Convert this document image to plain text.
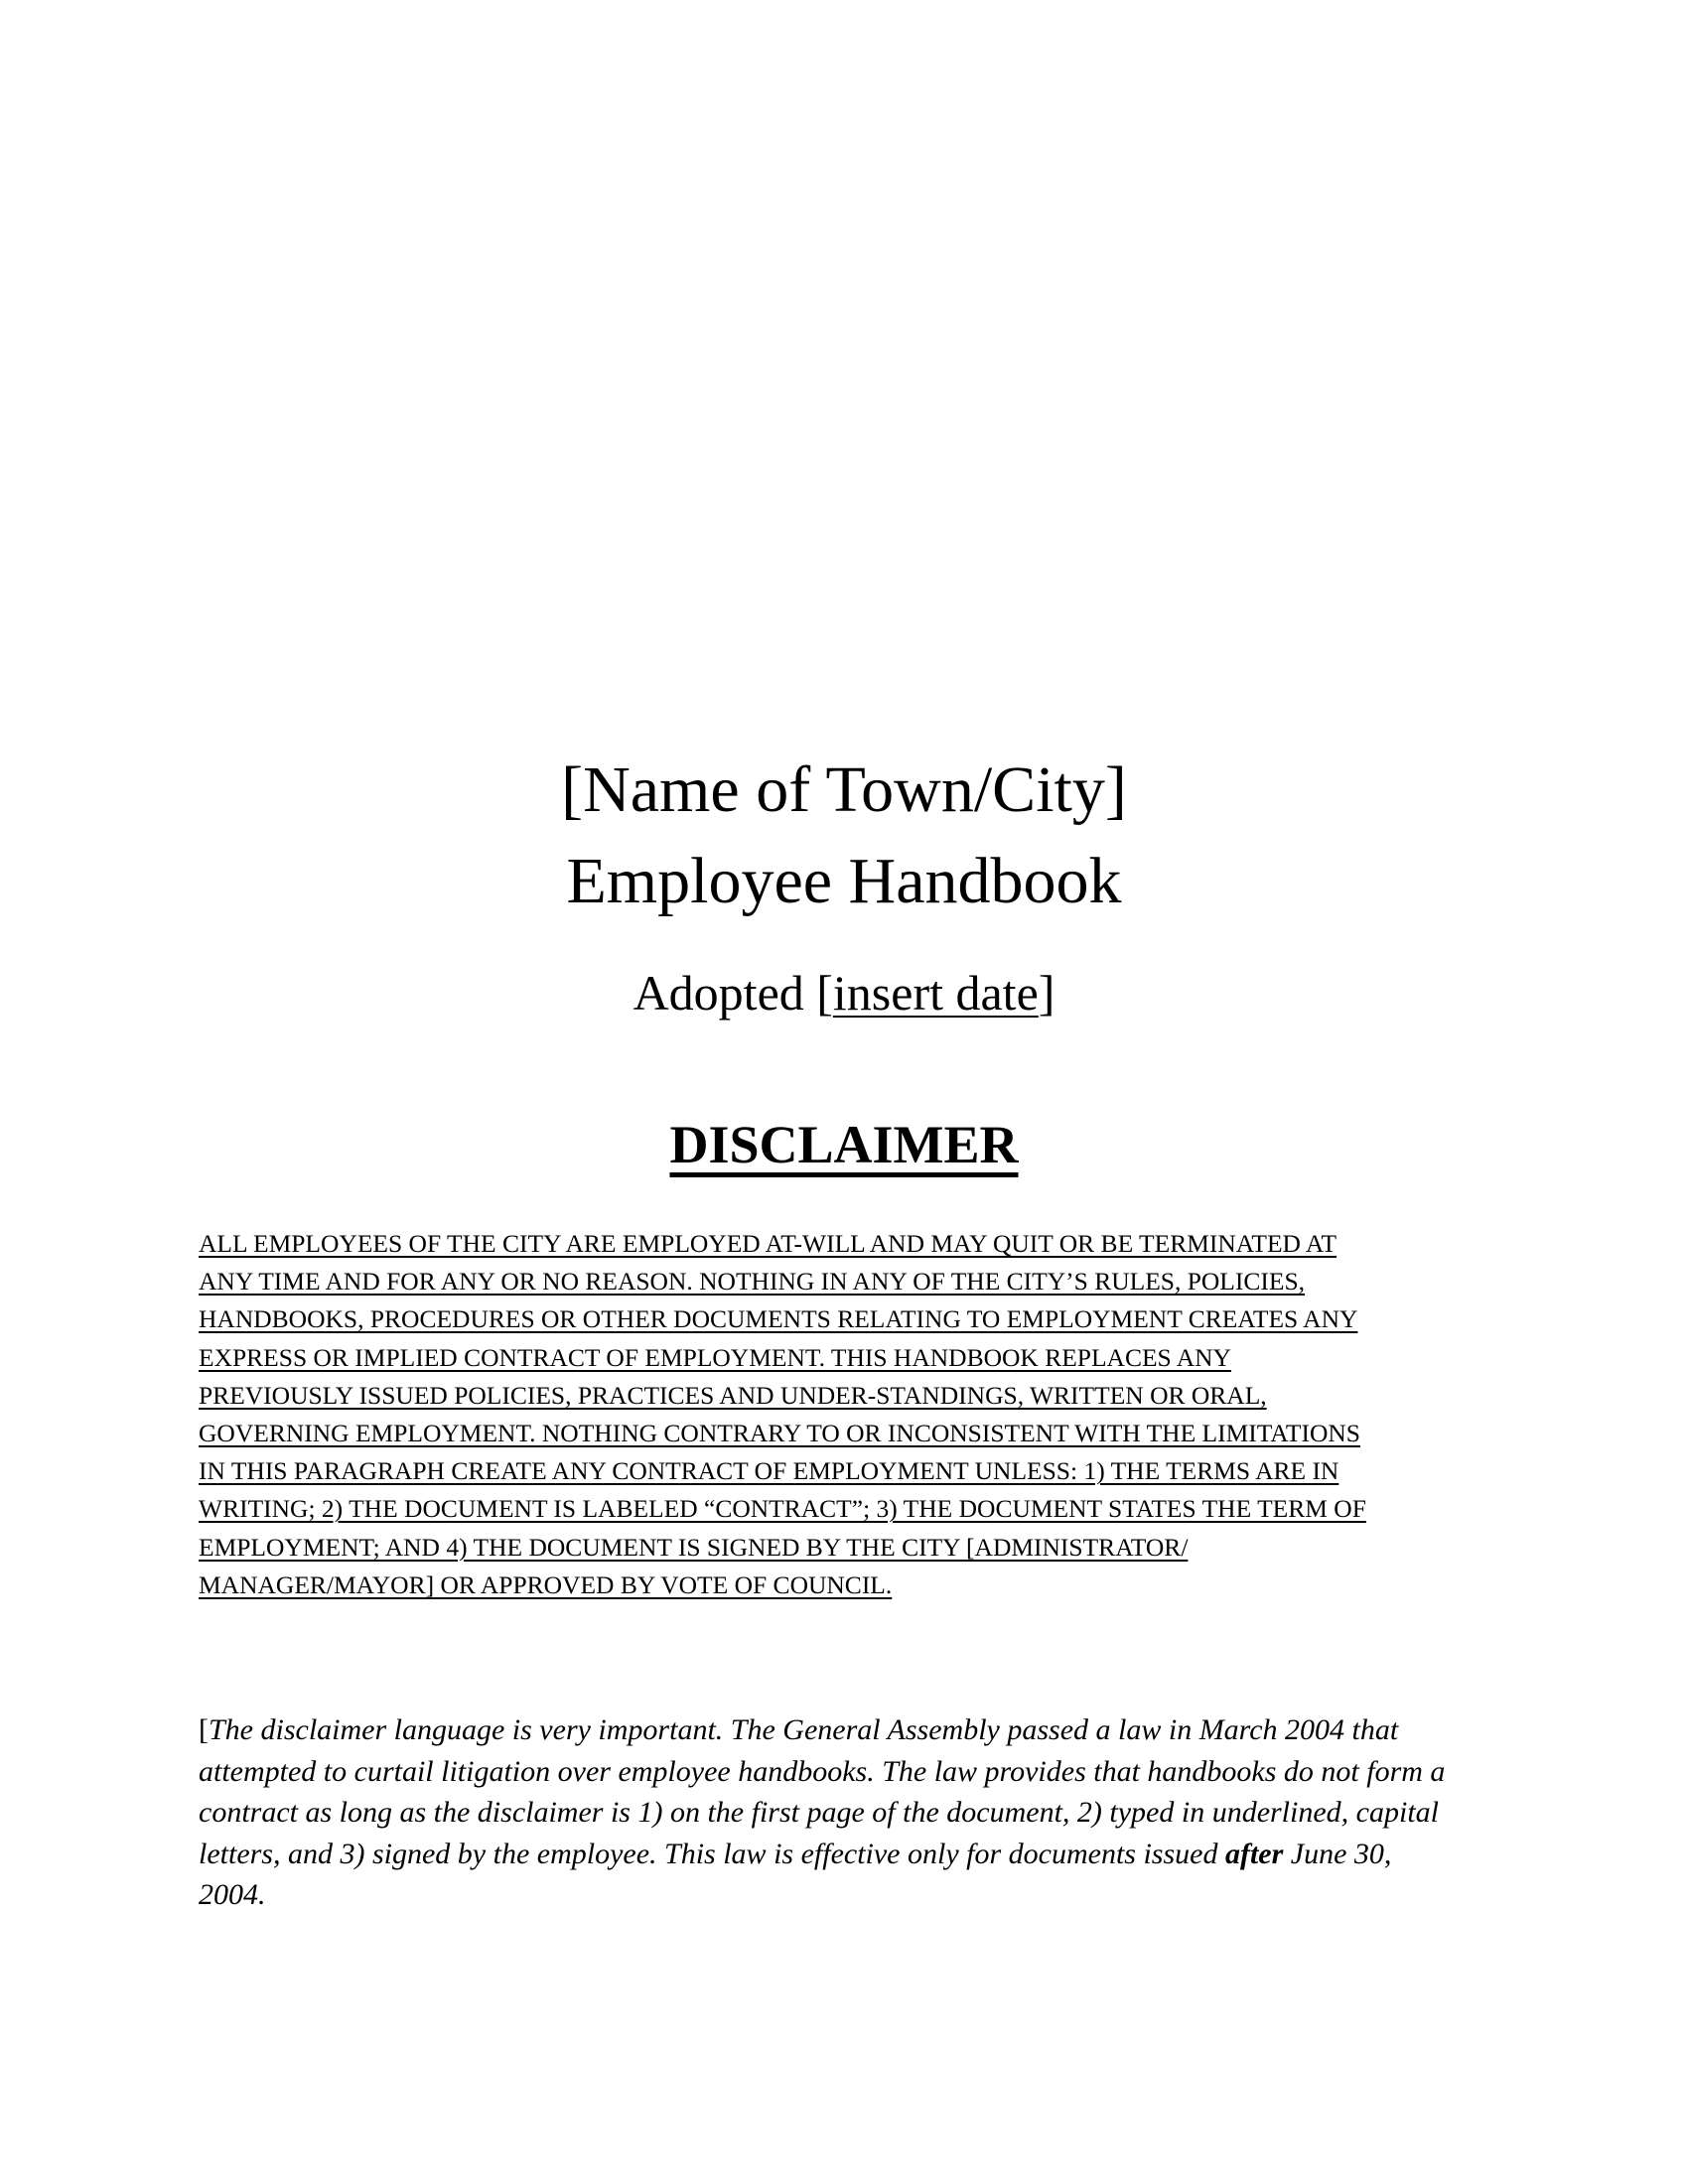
[Name of Town/City]
Employee Handbook
Adopted [insert date]
DISCLAIMER
ALL EMPLOYEES OF THE CITY ARE EMPLOYED AT-WILL AND MAY QUIT OR BE TERMINATED AT
ANY TIME AND FOR ANY OR NO REASON. NOTHING IN ANY OF THE CITY’S RULES, POLICIES,
HANDBOOKS, PROCEDURES OR OTHER DOCUMENTS RELATING TO EMPLOYMENT CREATES ANY
EXPRESS OR IMPLIED CONTRACT OF EMPLOYMENT. THIS HANDBOOK REPLACES ANY
PREVIOUSLY ISSUED POLICIES, PRACTICES AND UNDER-STANDINGS, WRITTEN OR ORAL,
GOVERNING EMPLOYMENT. NOTHING CONTRARY TO OR INCONSISTENT WITH THE LIMITATIONS
IN THIS PARAGRAPH CREATE ANY CONTRACT OF EMPLOYMENT UNLESS: 1) THE TERMS ARE IN
WRITING; 2) THE DOCUMENT IS LABELED “CONTRACT”; 3) THE DOCUMENT STATES THE TERM OF
EMPLOYMENT; AND 4) THE DOCUMENT IS SIGNED BY THE CITY [ADMINISTRATOR/
MANAGER/MAYOR] OR APPROVED BY VOTE OF COUNCIL.
[The disclaimer language is very important. The General Assembly passed a law in March 2004 that
attempted to curtail litigation over employee handbooks. The law provides that handbooks do not form a
contract as long as the disclaimer is 1) on the first page of the document, 2) typed in underlined, capital
letters, and 3) signed by the employee. This law is effective only for documents issued after June 30,
2004.
